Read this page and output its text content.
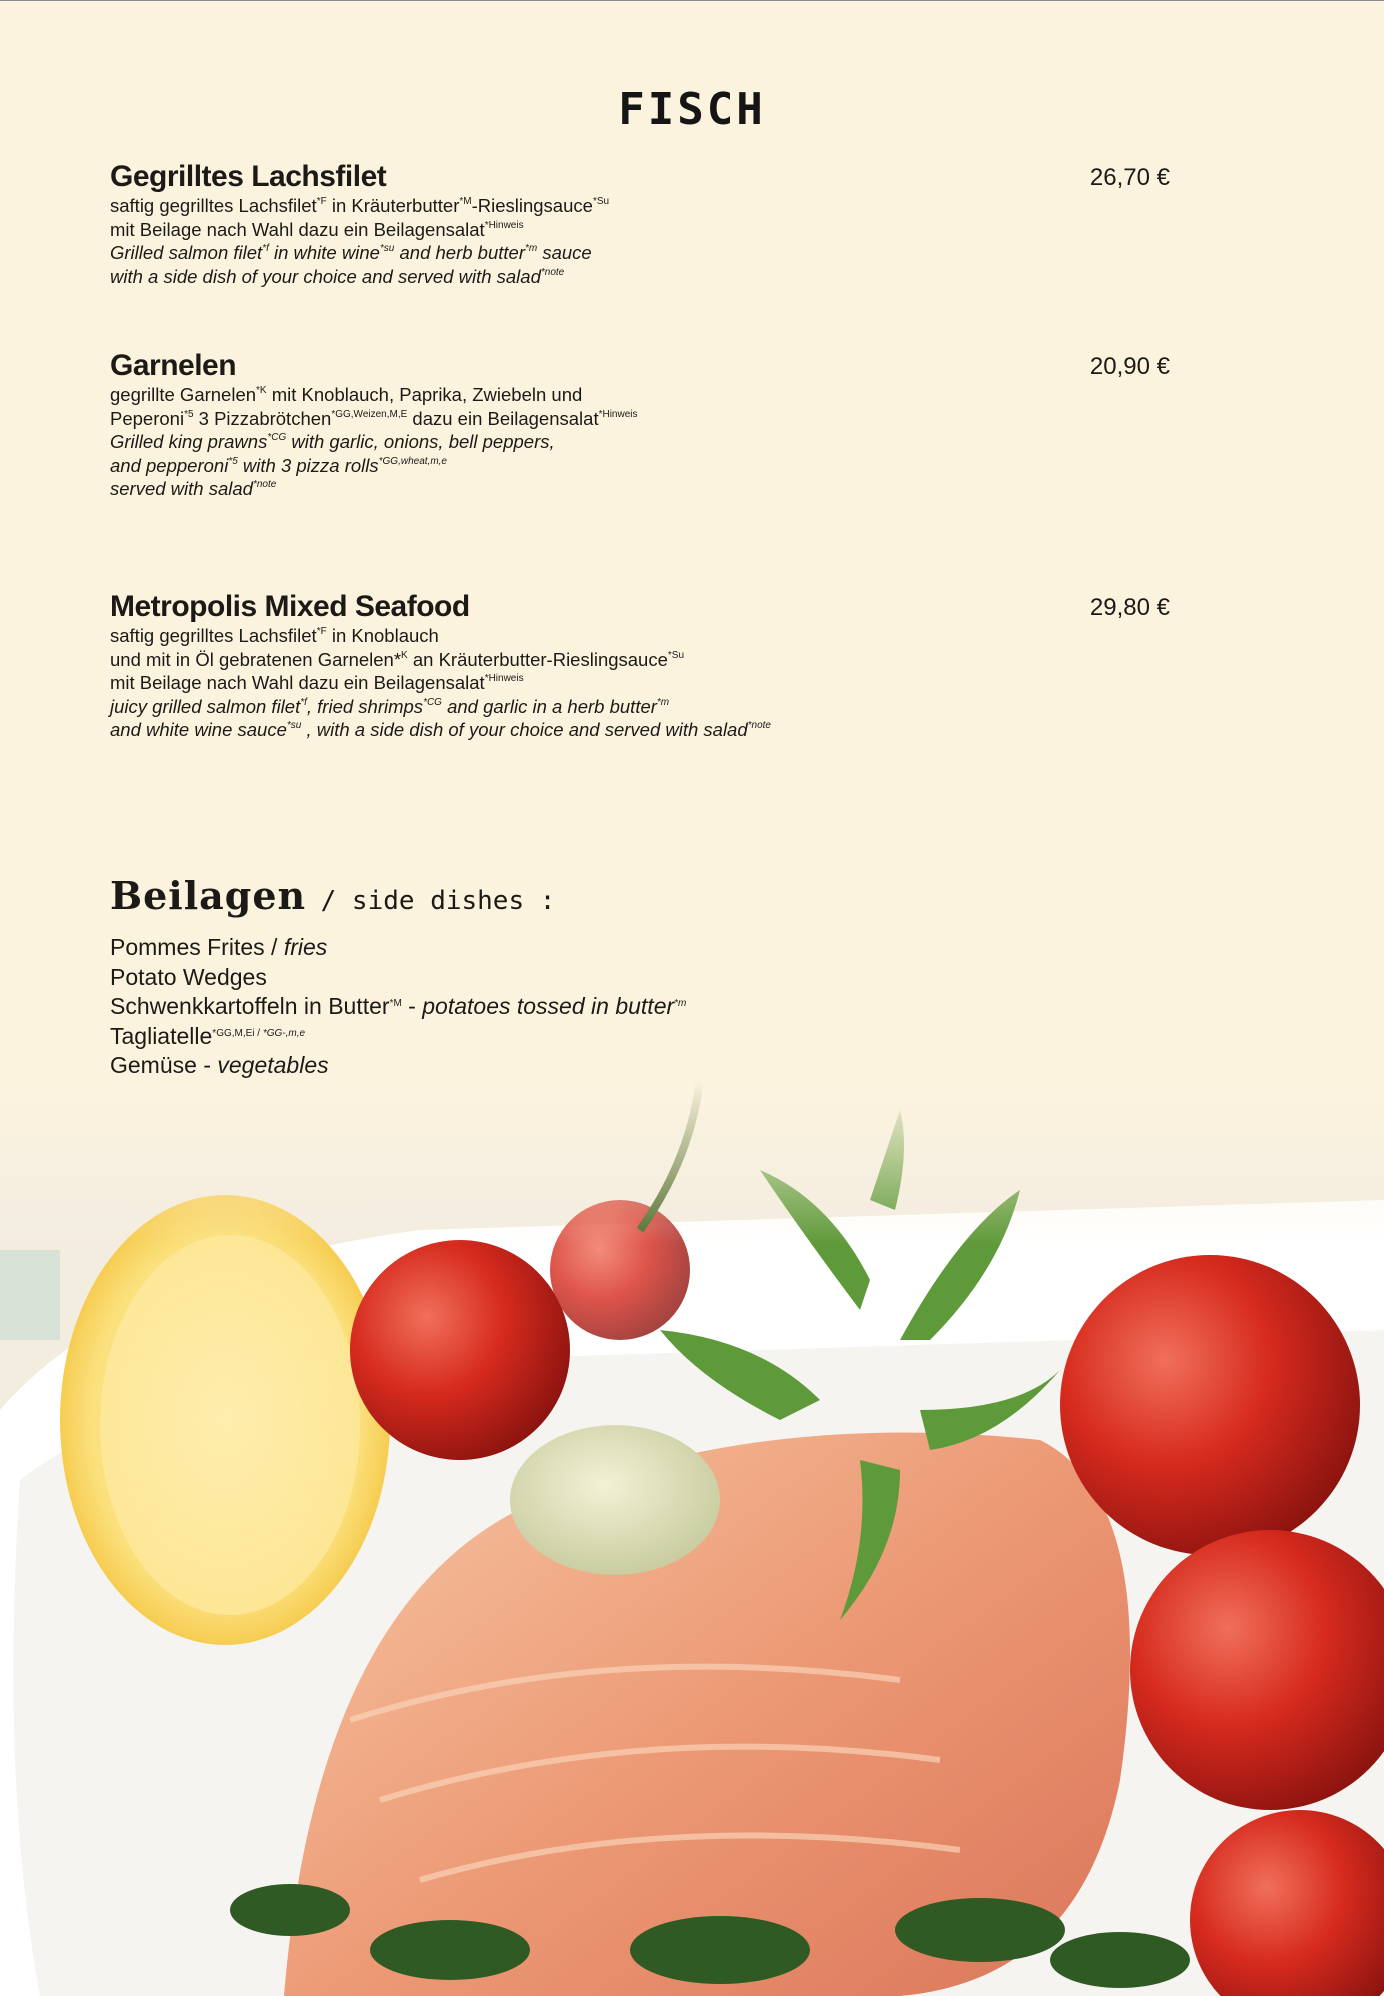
FISCH
Gegrilltes Lachsfilet	26,70 €
saftig gegrilltes Lachsfilet$^{*F}$ in Kräuterbutter$^{*M}$-Rieslingsauce$^{*Su}$
mit Beilage nach Wahl dazu ein Beilagensalat$^{*Hinweis}$
Grilled salmon filet$^{*f}$ in white wine$^{*su}$ and herb butter$^{*m}$ sauce
with a side dish of your choice and served with salad$^{*note}$
Garnelen	20,90 €
gegrillte Garnelen$^{*K}$ mit Knoblauch, Paprika, Zwiebeln und
Peperoni$^{*5}$ 3 Pizzabrötchen$^{*GG,Weizen,M,E}$ dazu ein Beilagensalat$^{*Hinweis}$
Grilled king prawns$^{*CG}$ with garlic, onions, bell peppers,
and pepperoni$^{*5}$ with 3 pizza rolls$^{*GG,wheat,m,e}$
served with salad$^{*note}$
Metropolis Mixed Seafood	29,80 €
saftig gegrilltes Lachsfilet$^{*F}$ in Knoblauch
und mit in Öl gebratenen Garnelen*$^K$ an Kräuterbutter-Rieslingsauce$^{*Su}$
mit Beilage nach Wahl dazu ein Beilagensalat$^{*Hinweis}$
juicy grilled salmon filet$^{*f}$, fried shrimps$^{*CG}$ and garlic in a herb butter$^{*m}$
and white wine sauce$^{*su}$ , with a side dish of your choice and served with salad$^{*note}$
Beilagen / side dishes :
Pommes Frites / fries
Potato Wedges
Schwenkkartoffeln in Butter$^{*M}$ - potatoes tossed in butter$^{*m}$
Tagliatelle$^{*GG,M,Ei /}$ $^{*GG-,m,e}$
Gemüse - vegetables
